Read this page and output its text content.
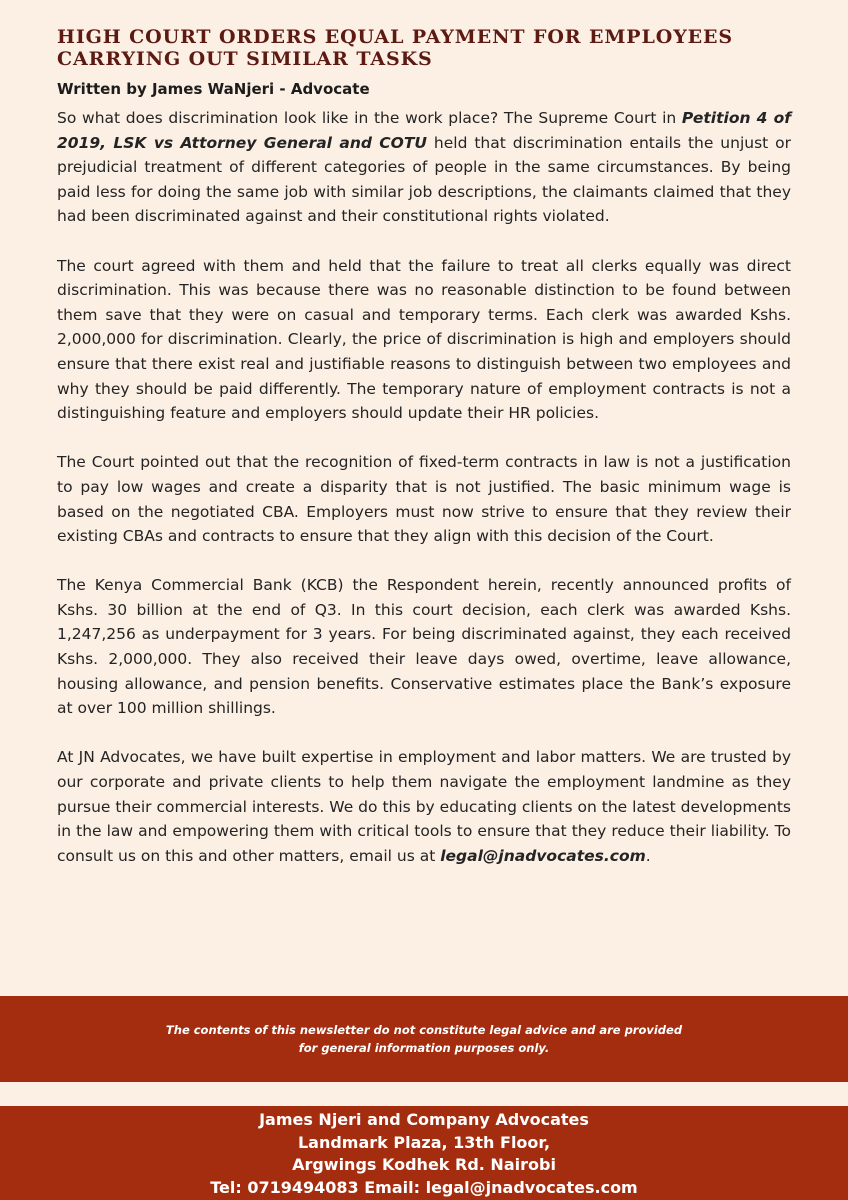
HIGH COURT ORDERS EQUAL PAYMENT FOR EMPLOYEES CARRYING OUT SIMILAR TASKS
Written by James WaNjeri - Advocate

So what does discrimination look like in the work place? The Supreme Court in Petition 4 of 2019, LSK vs Attorney General and COTU held that discrimination entails the unjust or prejudicial treatment of different categories of people in the same circumstances. By being paid less for doing the same job with similar job descriptions, the claimants claimed that they had been discriminated against and their constitutional rights violated.

The court agreed with them and held that the failure to treat all clerks equally was direct discrimination. This was because there was no reasonable distinction to be found between them save that they were on casual and temporary terms. Each clerk was awarded Kshs. 2,000,000 for discrimination. Clearly, the price of discrimination is high and employers should ensure that there exist real and justifiable reasons to distinguish between two employees and why they should be paid differently. The temporary nature of employment contracts is not a distinguishing feature and employers should update their HR policies.

The Court pointed out that the recognition of fixed-term contracts in law is not a justification to pay low wages and create a disparity that is not justified. The basic minimum wage is based on the negotiated CBA. Employers must now strive to ensure that they review their existing CBAs and contracts to ensure that they align with this decision of the Court.

The Kenya Commercial Bank (KCB) the Respondent herein, recently announced profits of Kshs. 30 billion at the end of Q3. In this court decision, each clerk was awarded Kshs. 1,247,256 as underpayment for 3 years. For being discriminated against, they each received Kshs. 2,000,000. They also received their leave days owed, overtime, leave allowance, housing allowance, and pension benefits. Conservative estimates place the Bank’s exposure at over 100 million shillings.

At JN Advocates, we have built expertise in employment and labor matters. We are trusted by our corporate and private clients to help them navigate the employment landmine as they pursue their commercial interests. We do this by educating clients on the latest developments in the law and empowering them with critical tools to ensure that they reduce their liability. To consult us on this and other matters, email us at legal@jnadvocates.com.

The contents of this newsletter do not constitute legal advice and are provided
for general information purposes only.
James Njeri and Company Advocates
Landmark Plaza, 13th Floor,
Argwings Kodhek Rd. Nairobi
Tel: 0719494083 Email: legal@jnadvocates.com
